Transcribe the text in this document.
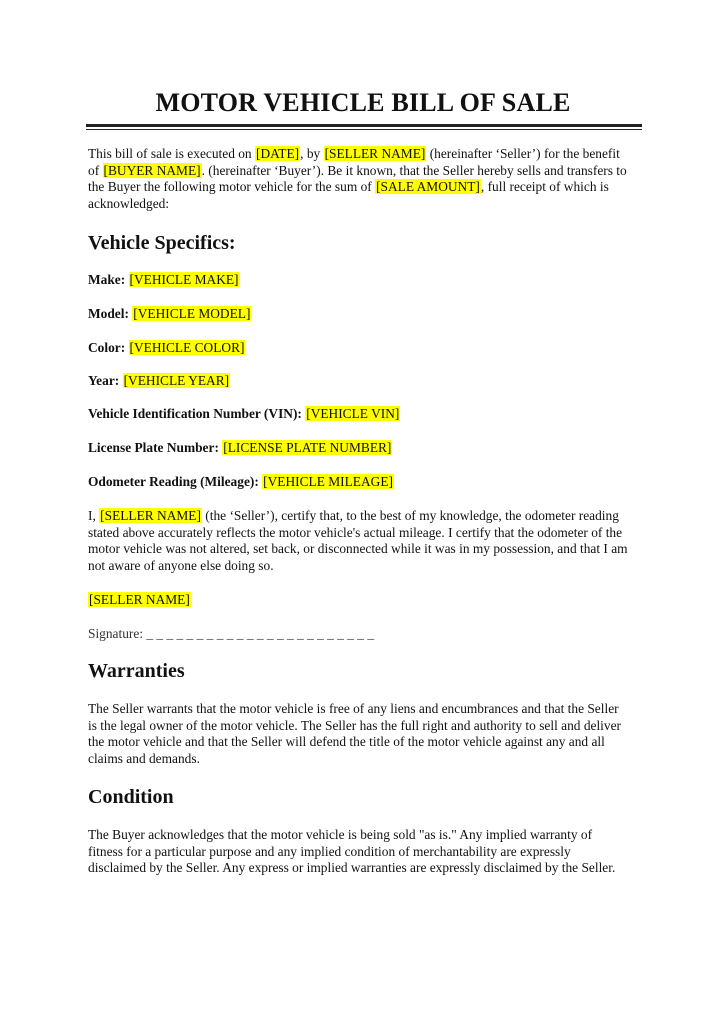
MOTOR VEHICLE BILL OF SALE

This bill of sale is executed on [DATE], by [SELLER NAME] (hereinafter ‘Seller’) for the benefit of [BUYER NAME]. (hereinafter ‘Buyer’). Be it known, that the Seller hereby sells and transfers to the Buyer the following motor vehicle for the sum of [SALE AMOUNT], full receipt of which is acknowledged:

Vehicle Specifics:

Make: [VEHICLE MAKE]

Model: [VEHICLE MODEL]

Color: [VEHICLE COLOR]

Year: [VEHICLE YEAR]

Vehicle Identification Number (VIN): [VEHICLE VIN]

License Plate Number: [LICENSE PLATE NUMBER]

Odometer Reading (Mileage): [VEHICLE MILEAGE]

I, [SELLER NAME] (the ‘Seller’), certify that, to the best of my knowledge, the odometer reading stated above accurately reflects the motor vehicle's actual mileage. I certify that the odometer of the motor vehicle was not altered, set back, or disconnected while it was in my possession, and that I am not aware of anyone else doing so.

[SELLER NAME]

Signature: _ _ _ _ _ _ _ _ _ _ _ _ _ _ _ _ _ _ _ _ _ _ _

Warranties

The Seller warrants that the motor vehicle is free of any liens and encumbrances and that the Seller is the legal owner of the motor vehicle. The Seller has the full right and authority to sell and deliver the motor vehicle and that the Seller will defend the title of the motor vehicle against any and all claims and demands.

Condition

The Buyer acknowledges that the motor vehicle is being sold "as is." Any implied warranty of fitness for a particular purpose and any implied condition of merchantability are expressly disclaimed by the Seller. Any express or implied warranties are expressly disclaimed by the Seller.
